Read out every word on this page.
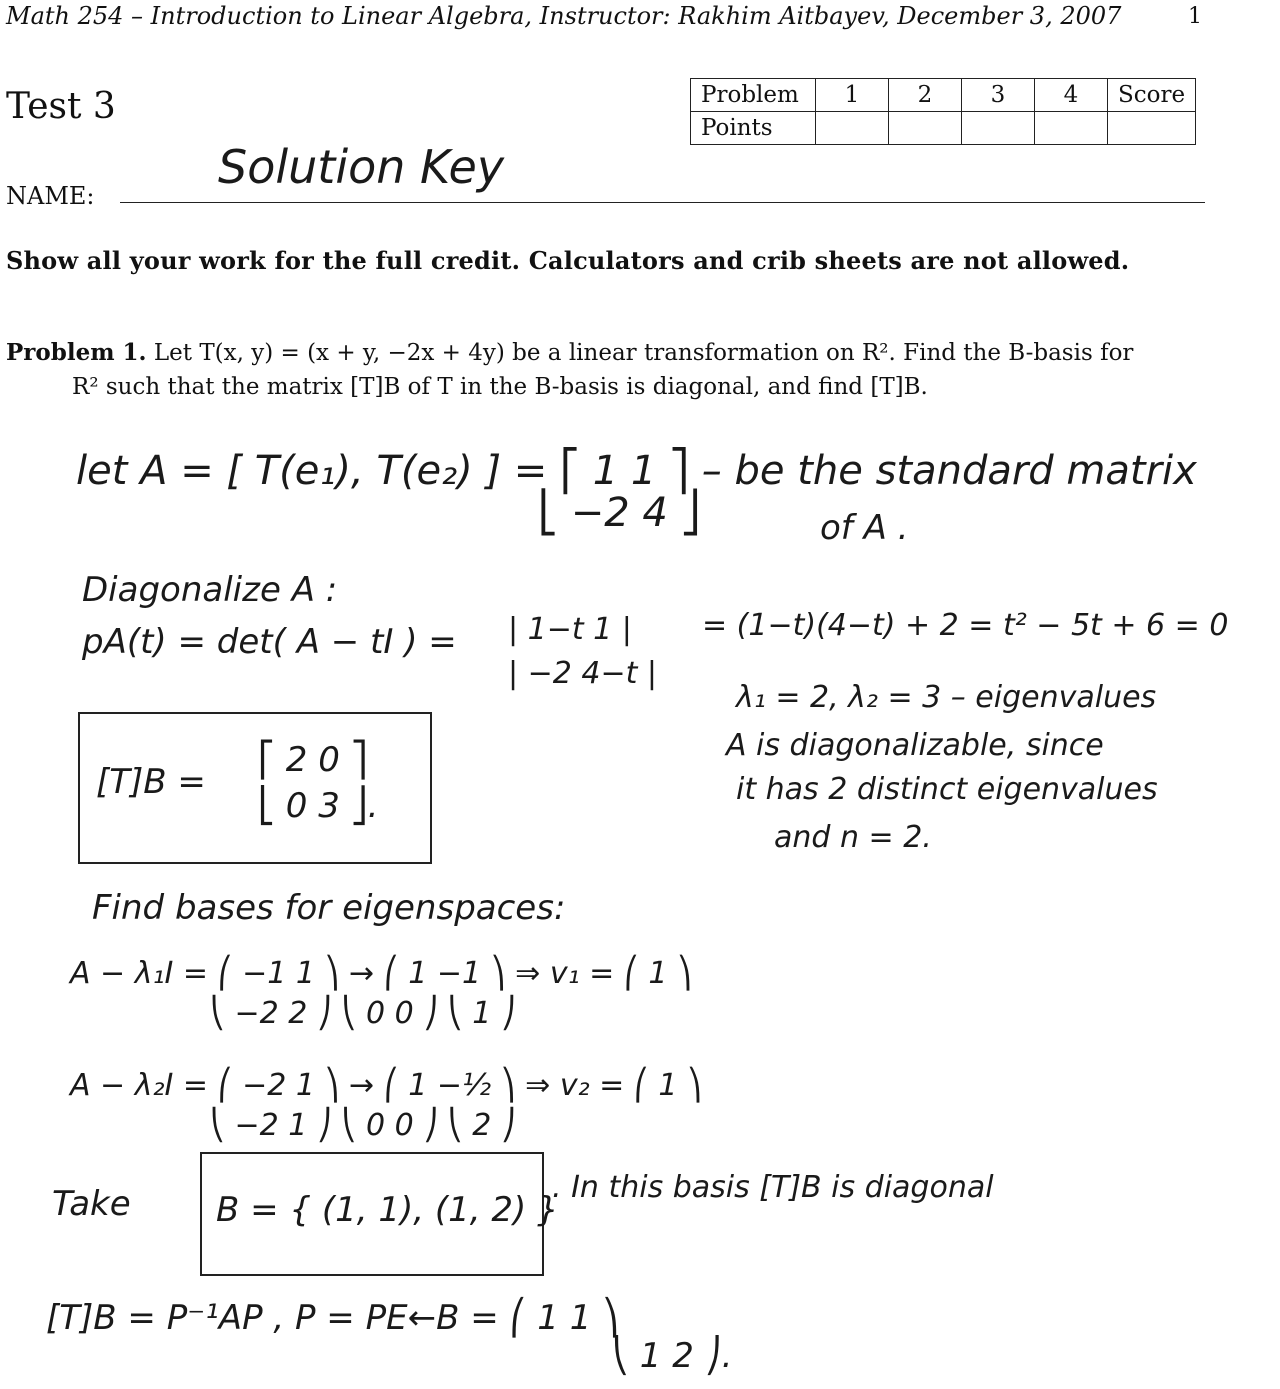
Math 254 – Introduction to Linear Algebra, Instructor: Rakhim Aitbayev, December 3, 2007	1
Test 3	Problem	1	2	3	4	Score
Points					
NAME:
Solution Key
Show all your work for the full credit. Calculators and crib sheets are not allowed.
Problem 1. Let T(x, y) = (x + y, −2x + 4y) be a linear transformation on R². Find the B-basis for
R² such that the matrix [T]B of T in the B-basis is diagonal, and find [T]B.
let A = [ T(e₁), T(e₂) ] = ⎡ 1 1 ⎤ – be the standard matrix
⎣ −2 4 ⎦	of A .
Diagonalize A :
pA(t) = det( A − tI ) = | 1−t 1 |
| −2 4−t |
= (1−t)(4−t) + 2 = t² − 5t + 6 = 0
λ₁ = 2, λ₂ = 3 – eigenvalues
A is diagonalizable, since
it has 2 distinct eigenvalues
and n = 2.
[T]B =
⎡ 2 0 ⎤
⎣ 0 3 ⎦.
Find bases for eigenspaces:
A − λ₁I = ⎛ −1 1 ⎞ → ⎛ 1 −1 ⎞ ⇒ v₁ = ⎛ 1 ⎞
⎝ −2 2 ⎠ ⎝ 0 0 ⎠ ⎝ 1 ⎠
A − λ₂I = ⎛ −2 1 ⎞ → ⎛ 1 −½ ⎞ ⇒ v₂ = ⎛ 1 ⎞
⎝ −2 1 ⎠ ⎝ 0 0 ⎠ ⎝ 2 ⎠
Take	B = { (1, 1), (1, 2) }
. In this basis [T]B is diagonal
[T]B = P⁻¹AP , P = PE←B = ⎛ 1 1 ⎞
⎝ 1 2 ⎠.
